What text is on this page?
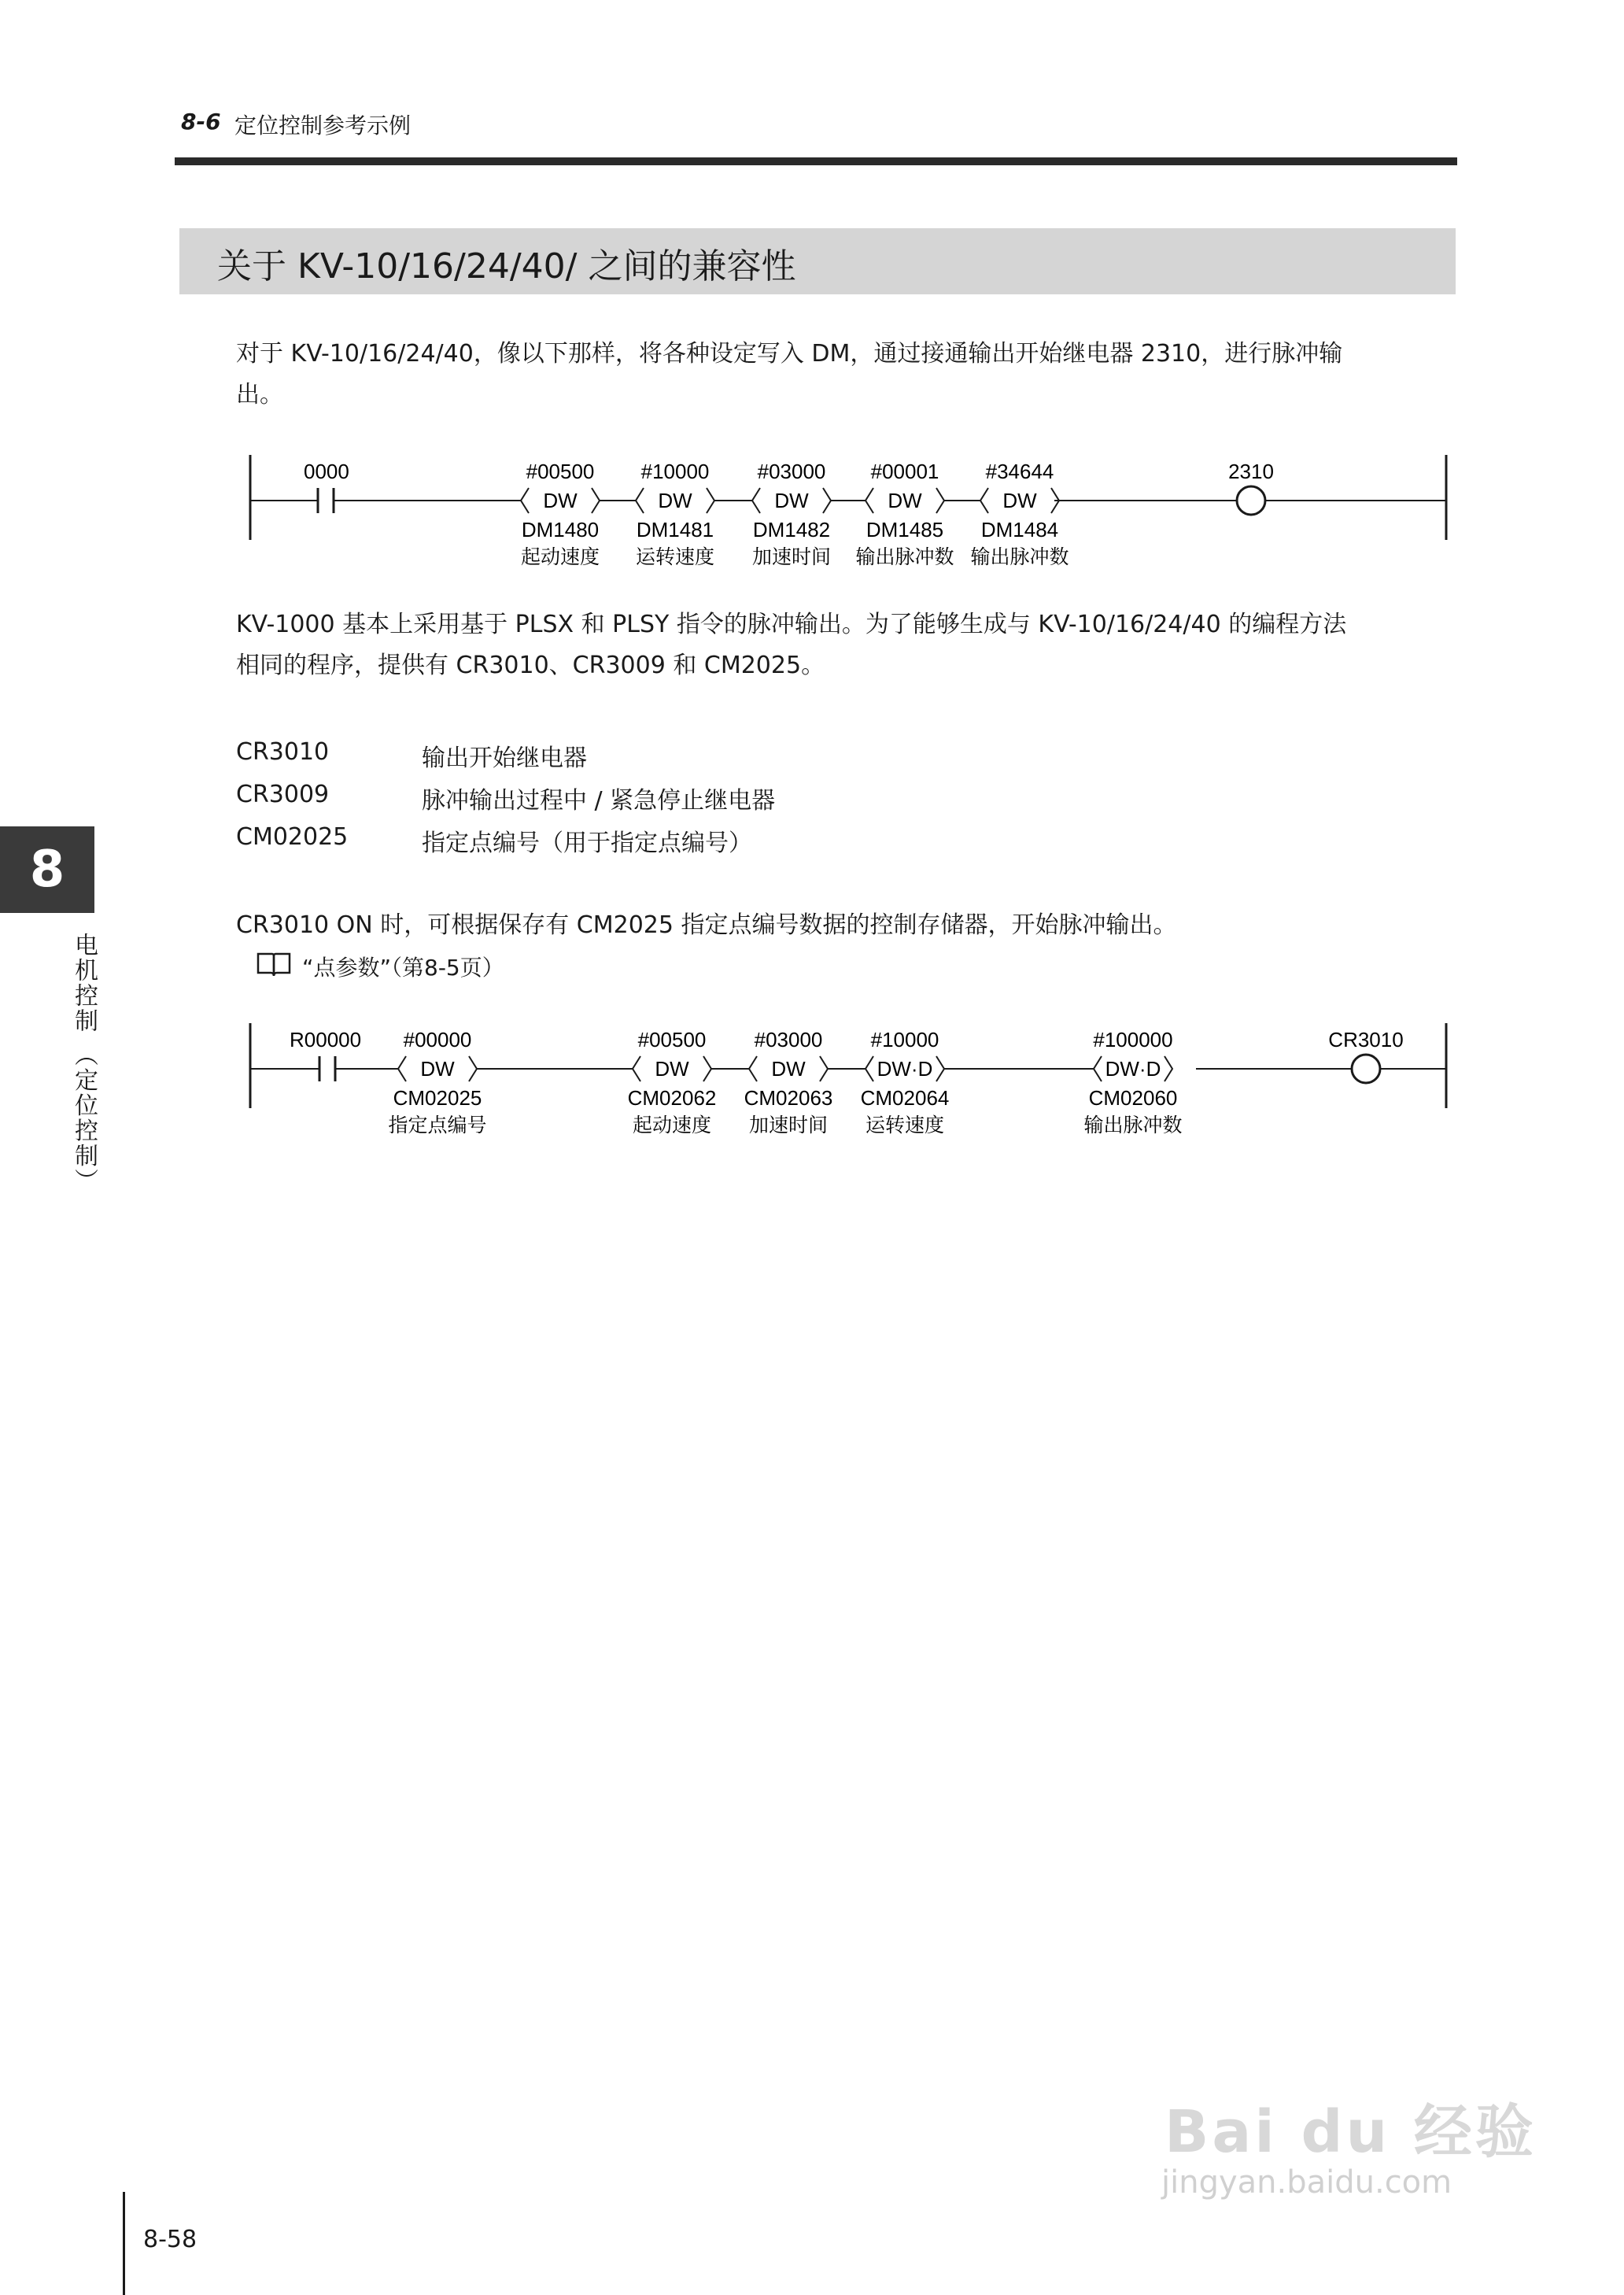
8-6 定位控制参考示例
关于 KV-10/16/24/40/ 之间的兼容性
对于 KV-10/16/24/40，像以下那样，将各种设定写入 DM，通过接通输出开始继电器 2310，进行脉冲输
出。
0000	#00500
DW
DM1480
起动速度
#10000
DW
DM1481
运转速度
#03000
DW
DM1482
加速时间
#00001
DW
DM1485
输出脉冲数
#34644
DW
DM1484
输出脉冲数
2310
KV-1000 基本上采用基于 PLSX 和 PLSY 指令的脉冲输出。为了能够生成与 KV-10/16/24/40 的编程方法
相同的程序，提供有 CR3010、CR3009 和 CM2025。
CR3010	输出开始继电器
CR3009	脉冲输出过程中 / 紧急停止继电器
CM02025	指定点编号（用于指定点编号）
CR3010 ON 时，可根据保存有 CM2025 指定点编号数据的控制存储器，开始脉冲输出。
“点参数”（第8-5页）
R00000 #00000
DW
CM02025
指定点编号
#00500
DW
CM02062
起动速度
#03000
DW
CM02063
加速时间
#10000
DW·D
CM02064
运转速度
#100000
DW·D
CM02060
输出脉冲数
CR3010
8
电机控制 （定位控制）
8-58
Bai du 经验
jingyan.baidu.com
